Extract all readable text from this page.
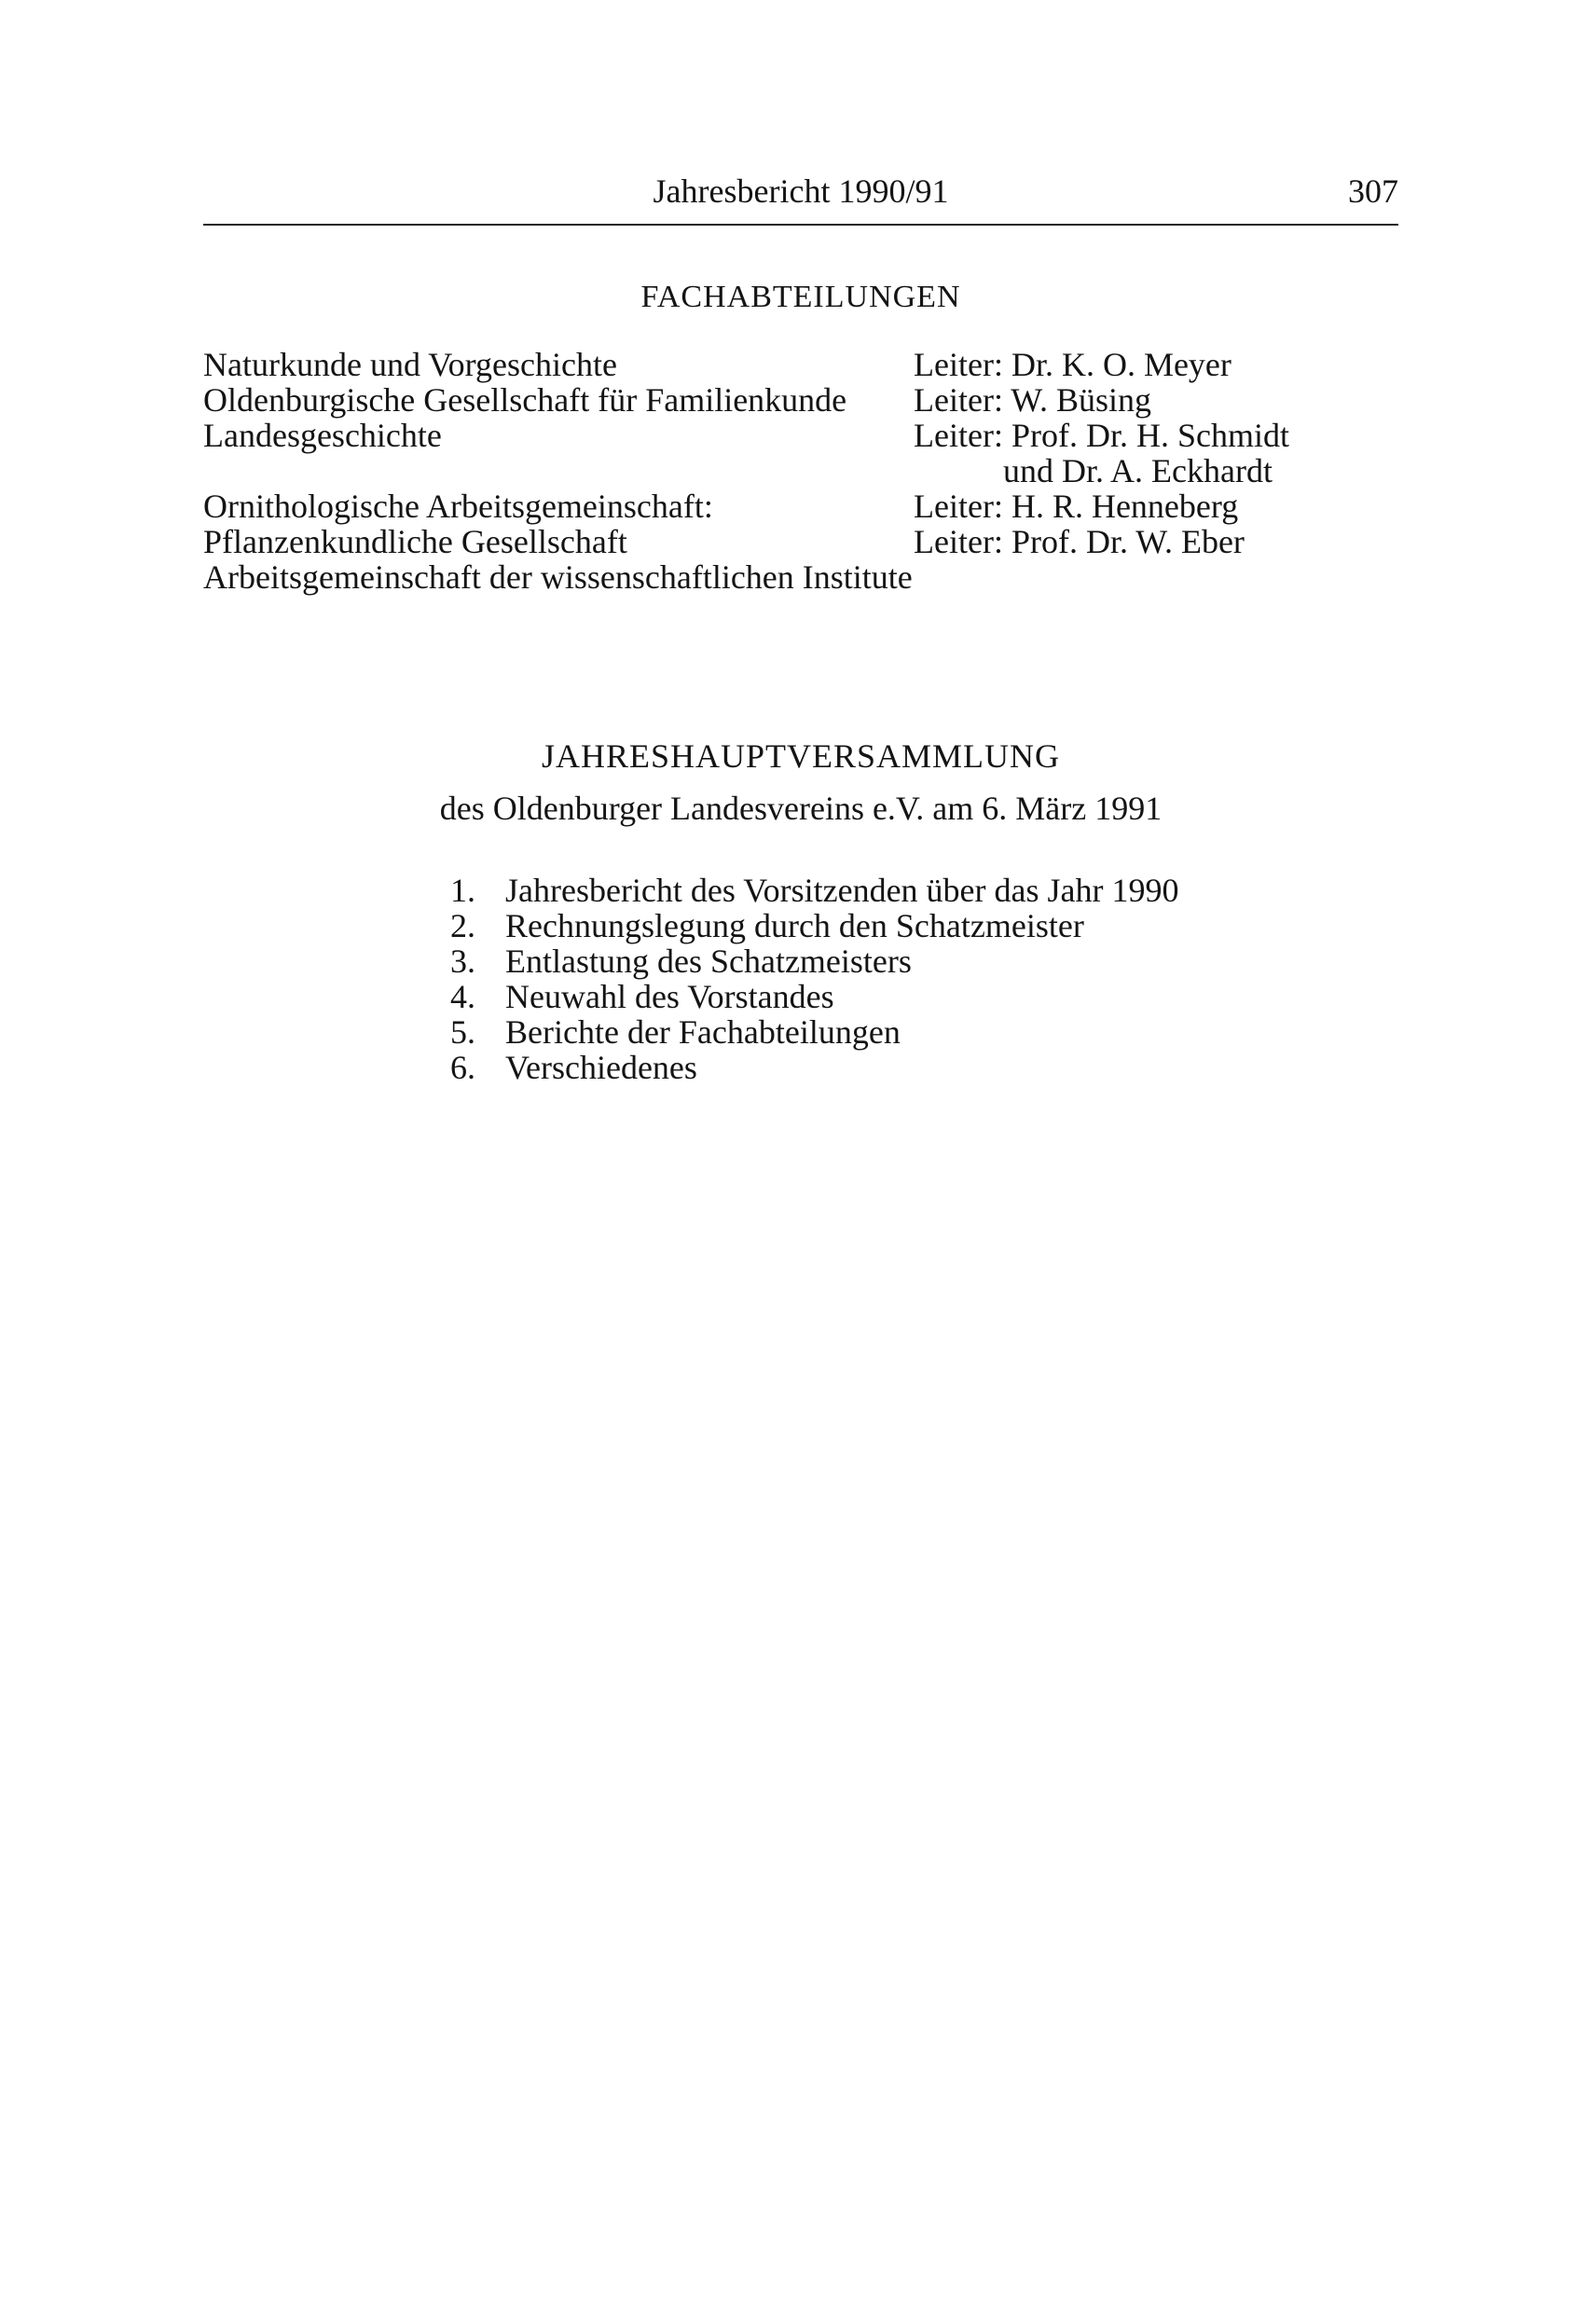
Jahresbericht 1990/91	307
FACHABTEILUNGEN
Naturkunde und Vorgeschichte	Leiter: Dr. K. O. Meyer
Oldenburgische Gesellschaft für Familienkunde Leiter: W. Büsing
Landesgeschichte	Leiter: Prof. Dr. H. Schmidt
und Dr. A. Eckhardt
Ornithologische Arbeitsgemeinschaft:	Leiter: H. R. Henneberg
Pflanzenkundliche Gesellschaft	Leiter: Prof. Dr. W. Eber
Arbeitsgemeinschaft der wissenschaftlichen Institute
JAHRESHAUPTVERSAMMLUNG
des Oldenburger Landesvereins e.V. am 6. März 1991
1. Jahresbericht des Vorsitzenden über das Jahr 1990
2. Rechnungslegung durch den Schatzmeister
3. Entlastung des Schatzmeisters
4. Neuwahl des Vorstandes
5. Berichte der Fachabteilungen
6. Verschiedenes
